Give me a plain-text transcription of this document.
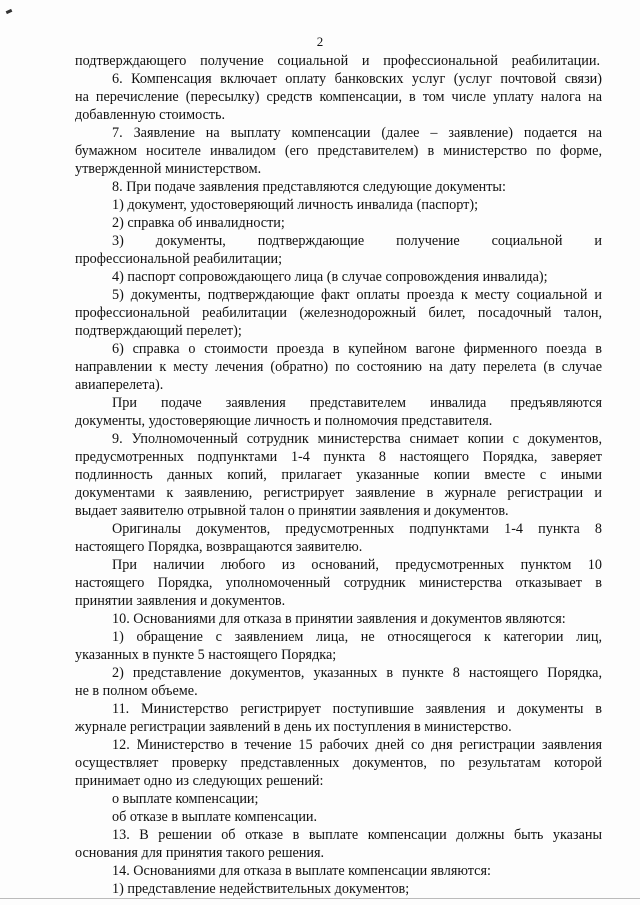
2
подтверждающего получение социальной и профессиональной реабилитации.
6. Компенсация включает оплату банковских услуг (услуг почтовой связи)
на перечисление (пересылку) средств компенсации, в том числе уплату налога на
добавленную стоимость.
7. Заявление на выплату компенсации (далее – заявление) подается на
бумажном носителе инвалидом (его представителем) в министерство по форме,
утвержденной министерством.
8. При подаче заявления представляются следующие документы:
1) документ, удостоверяющий личность инвалида (паспорт);
2) справка об инвалидности;
3) документы, подтверждающие получение социальной и
профессиональной реабилитации;
4) паспорт сопровождающего лица (в случае сопровождения инвалида);
5) документы, подтверждающие факт оплаты проезда к месту социальной и
профессиональной реабилитации (железнодорожный билет, посадочный талон,
подтверждающий перелет);
6) справка о стоимости проезда в купейном вагоне фирменного поезда в
направлении к месту лечения (обратно) по состоянию на дату перелета (в случае
авиаперелета).
При подаче заявления представителем инвалида предъявляются
документы, удостоверяющие личность и полномочия представителя.
9. Уполномоченный сотрудник министерства снимает копии с документов,
предусмотренных подпунктами 1-4 пункта 8 настоящего Порядка, заверяет
подлинность данных копий, прилагает указанные копии вместе с иными
документами к заявлению, регистрирует заявление в журнале регистрации и
выдает заявителю отрывной талон о принятии заявления и документов.
Оригиналы документов, предусмотренных подпунктами 1-4 пункта 8
настоящего Порядка, возвращаются заявителю.
При наличии любого из оснований, предусмотренных пунктом 10
настоящего Порядка, уполномоченный сотрудник министерства отказывает в
принятии заявления и документов.
10. Основаниями для отказа в принятии заявления и документов являются:
1) обращение с заявлением лица, не относящегося к категории лиц,
указанных в пункте 5 настоящего Порядка;
2) представление документов, указанных в пункте 8 настоящего Порядка,
не в полном объеме.
11. Министерство регистрирует поступившие заявления и документы в
журнале регистрации заявлений в день их поступления в министерство.
12. Министерство в течение 15 рабочих дней со дня регистрации заявления
осуществляет проверку представленных документов, по результатам которой
принимает одно из следующих решений:
о выплате компенсации;
об отказе в выплате компенсации.
13. В решении об отказе в выплате компенсации должны быть указаны
основания для принятия такого решения.
14. Основаниями для отказа в выплате компенсации являются:
1) представление недействительных документов;
